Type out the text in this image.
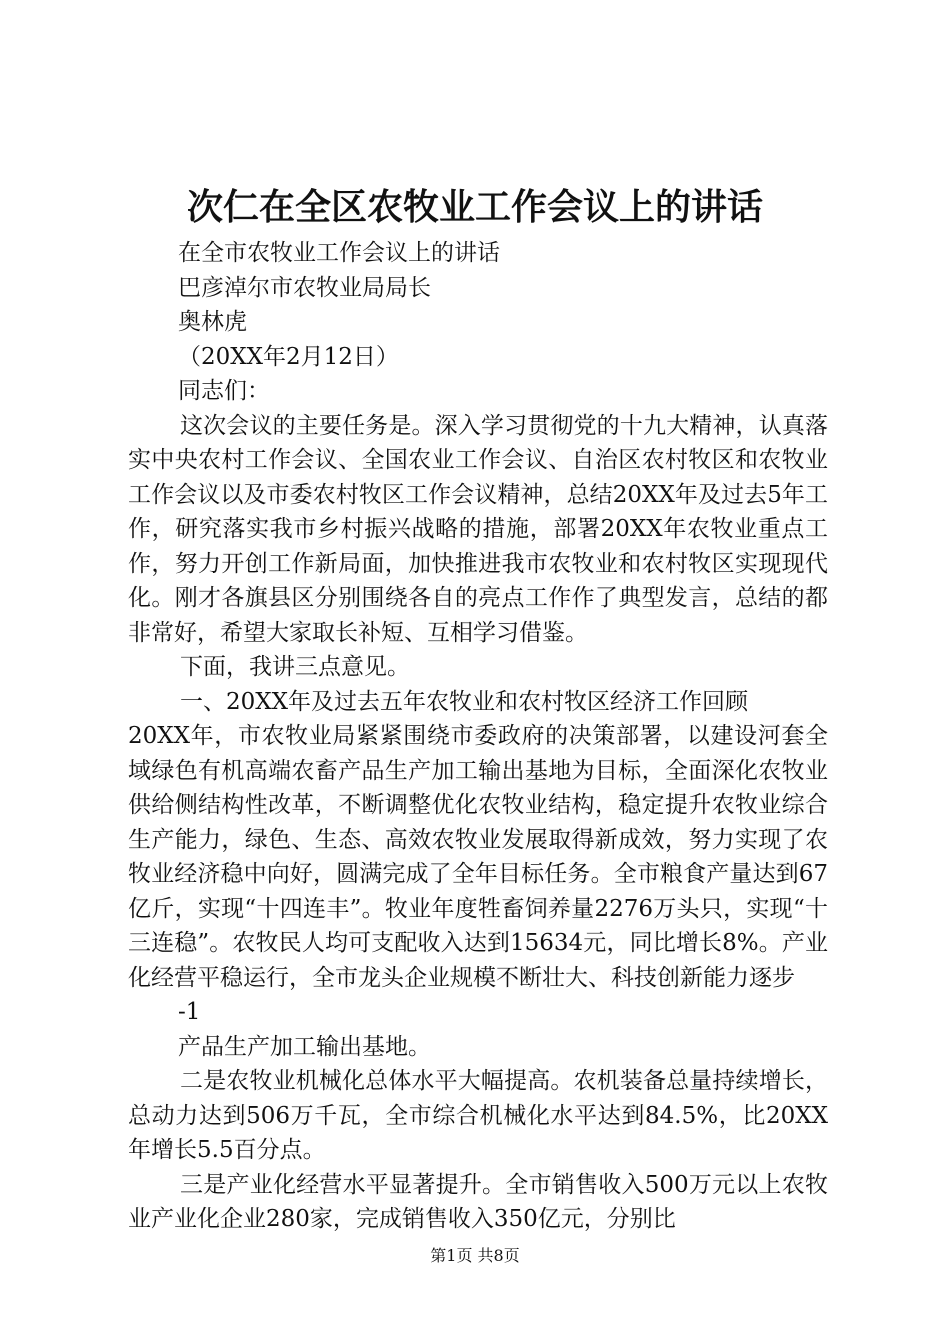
次仁在全区农牧业工作会议上的讲话

在全市农牧业工作会议上的讲话

巴彦淖尔市农牧业局局长

奥林虎

（20XX年2月12日）

同志们：

这次会议的主要任务是。深入学习贯彻党的十九大精神，认真落实中央农村工作会议、全国农业工作会议、自治区农村牧区和农牧业工作会议以及市委农村牧区工作会议精神，总结20XX年及过去5年工作，研究落实我市乡村振兴战略的措施，部署20XX年农牧业重点工作，努力开创工作新局面，加快推进我市农牧业和农村牧区实现现代化。刚才各旗县区分别围绕各自的亮点工作作了典型发言，总结的都非常好，希望大家取长补短、互相学习借鉴。

下面，我讲三点意见。

一、20XX年及过去五年农牧业和农村牧区经济工作回顾

20XX年，市农牧业局紧紧围绕市委政府的决策部署，以建设河套全域绿色有机高端农畜产品生产加工输出基地为目标，全面深化农牧业供给侧结构性改革，不断调整优化农牧业结构，稳定提升农牧业综合生产能力，绿色、生态、高效农牧业发展取得新成效，努力实现了农牧业经济稳中向好，圆满完成了全年目标任务。全市粮食产量达到67亿斤，实现“十四连丰”。牧业年度牲畜饲养量2276万头只，实现“十三连稳”。农牧民人均可支配收入达到15634元，同比增长8%。产业化经营平稳运行，全市龙头企业规模不断壮大、科技创新能力逐步

-1

产品生产加工输出基地。

二是农牧业机械化总体水平大幅提高。农机装备总量持续增长，总动力达到506万千瓦，全市综合机械化水平达到84.5%，比20XX年增长5.5百分点。

三是产业化经营水平显著提升。全市销售收入500万元以上农牧业产业化企业280家，完成销售收入350亿元，分别比

第1页 共8页
